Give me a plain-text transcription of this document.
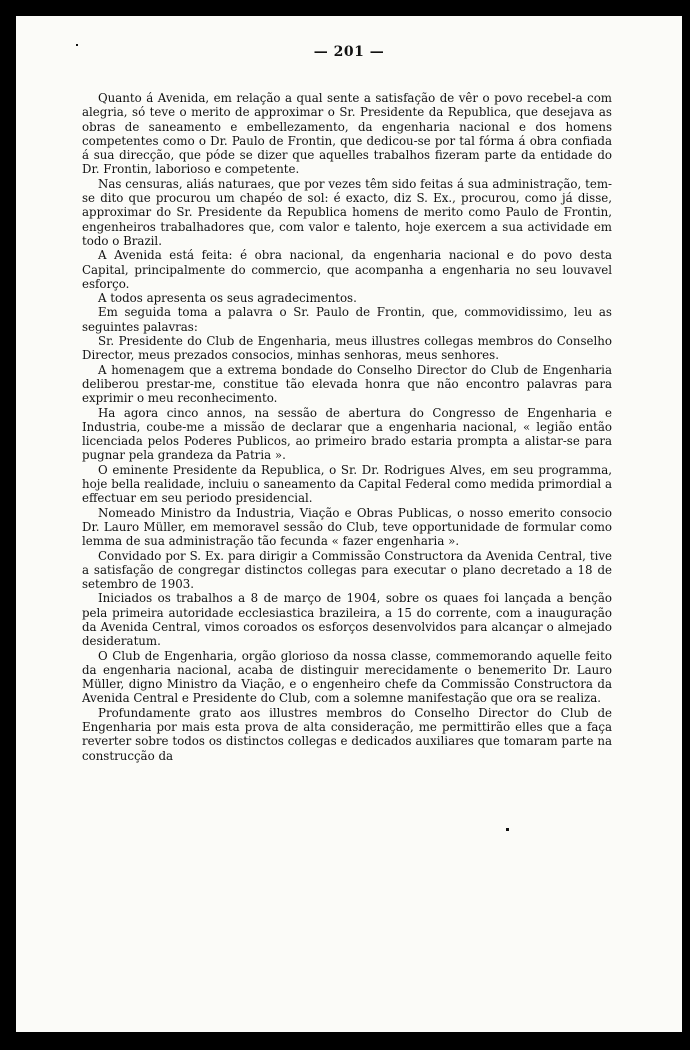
— 201 —

Quanto á Avenida, em relação a qual sente a satisfação de vêr o povo recebel-a com alegria, só teve o merito de approximar o Sr. Presidente da Republica, que desejava as obras de saneamento e embellezamento, da engenharia nacional e dos homens competentes como o Dr. Paulo de Frontin, que dedicou-se por tal fórma á obra confiada á sua direcção, que póde se dizer que aquelles trabalhos fizeram parte da entidade do Dr. Frontin, laborioso e competente.

Nas censuras, aliás naturaes, que por vezes têm sido feitas á sua administração, tem-se dito que procurou um chapéo de sol: é exacto, diz S. Ex., procurou, como já disse, approximar do Sr. Presidente da Republica homens de merito como Paulo de Frontin, engenheiros trabalhadores que, com valor e talento, hoje exercem a sua actividade em todo o Brazil.

A Avenida está feita: é obra nacional, da engenharia nacional e do povo desta Capital, principalmente do commercio, que acompanha a engenharia no seu louvavel esforço.

A todos apresenta os seus agradecimentos.

Em seguida toma a palavra o Sr. Paulo de Frontin, que, commovidissimo, leu as seguintes palavras:

Sr. Presidente do Club de Engenharia, meus illustres collegas membros do Conselho Director, meus prezados consocios, minhas senhoras, meus senhores.

A homenagem que a extrema bondade do Conselho Director do Club de Engenharia deliberou prestar-me, constitue tão elevada honra que não encontro palavras para exprimir o meu reconhecimento.

Ha agora cinco annos, na sessão de abertura do Congresso de Engenharia e Industria, coube-me a missão de declarar que a engenharia nacional, « legião então licenciada pelos Poderes Publicos, ao primeiro brado estaria prompta a alistar-se para pugnar pela grandeza da Patria ».

O eminente Presidente da Republica, o Sr. Dr. Rodrigues Alves, em seu programma, hoje bella realidade, incluiu o saneamento da Capital Federal como medida primordial a effectuar em seu periodo presidencial.

Nomeado Ministro da Industria, Viação e Obras Publicas, o nosso emerito consocio Dr. Lauro Müller, em memoravel sessão do Club, teve opportunidade de formular como lemma de sua administração tão fecunda « fazer engenharia ».

Convidado por S. Ex. para dirigir a Commissão Constructora da Avenida Central, tive a satisfação de congregar distinctos collegas para executar o plano decretado a 18 de setembro de 1903.

Iniciados os trabalhos a 8 de março de 1904, sobre os quaes foi lançada a benção pela primeira autoridade ecclesiastica brazileira, a 15 do corrente, com a inauguração da Avenida Central, vimos coroados os esforços desenvolvidos para alcançar o almejado desideratum.

O Club de Engenharia, orgão glorioso da nossa classe, commemorando aquelle feito da engenharia nacional, acaba de distinguir merecidamente o benemerito Dr. Lauro Müller, digno Ministro da Viação, e o engenheiro chefe da Commissão Constructora da Avenida Central e Presidente do Club, com a solemne manifestação que ora se realiza.

Profundamente grato aos illustres membros do Conselho Director do Club de Engenharia por mais esta prova de alta consideração, me permittirão elles que a faça reverter sobre todos os distinctos collegas e dedicados auxiliares que tomaram parte na construcção da
